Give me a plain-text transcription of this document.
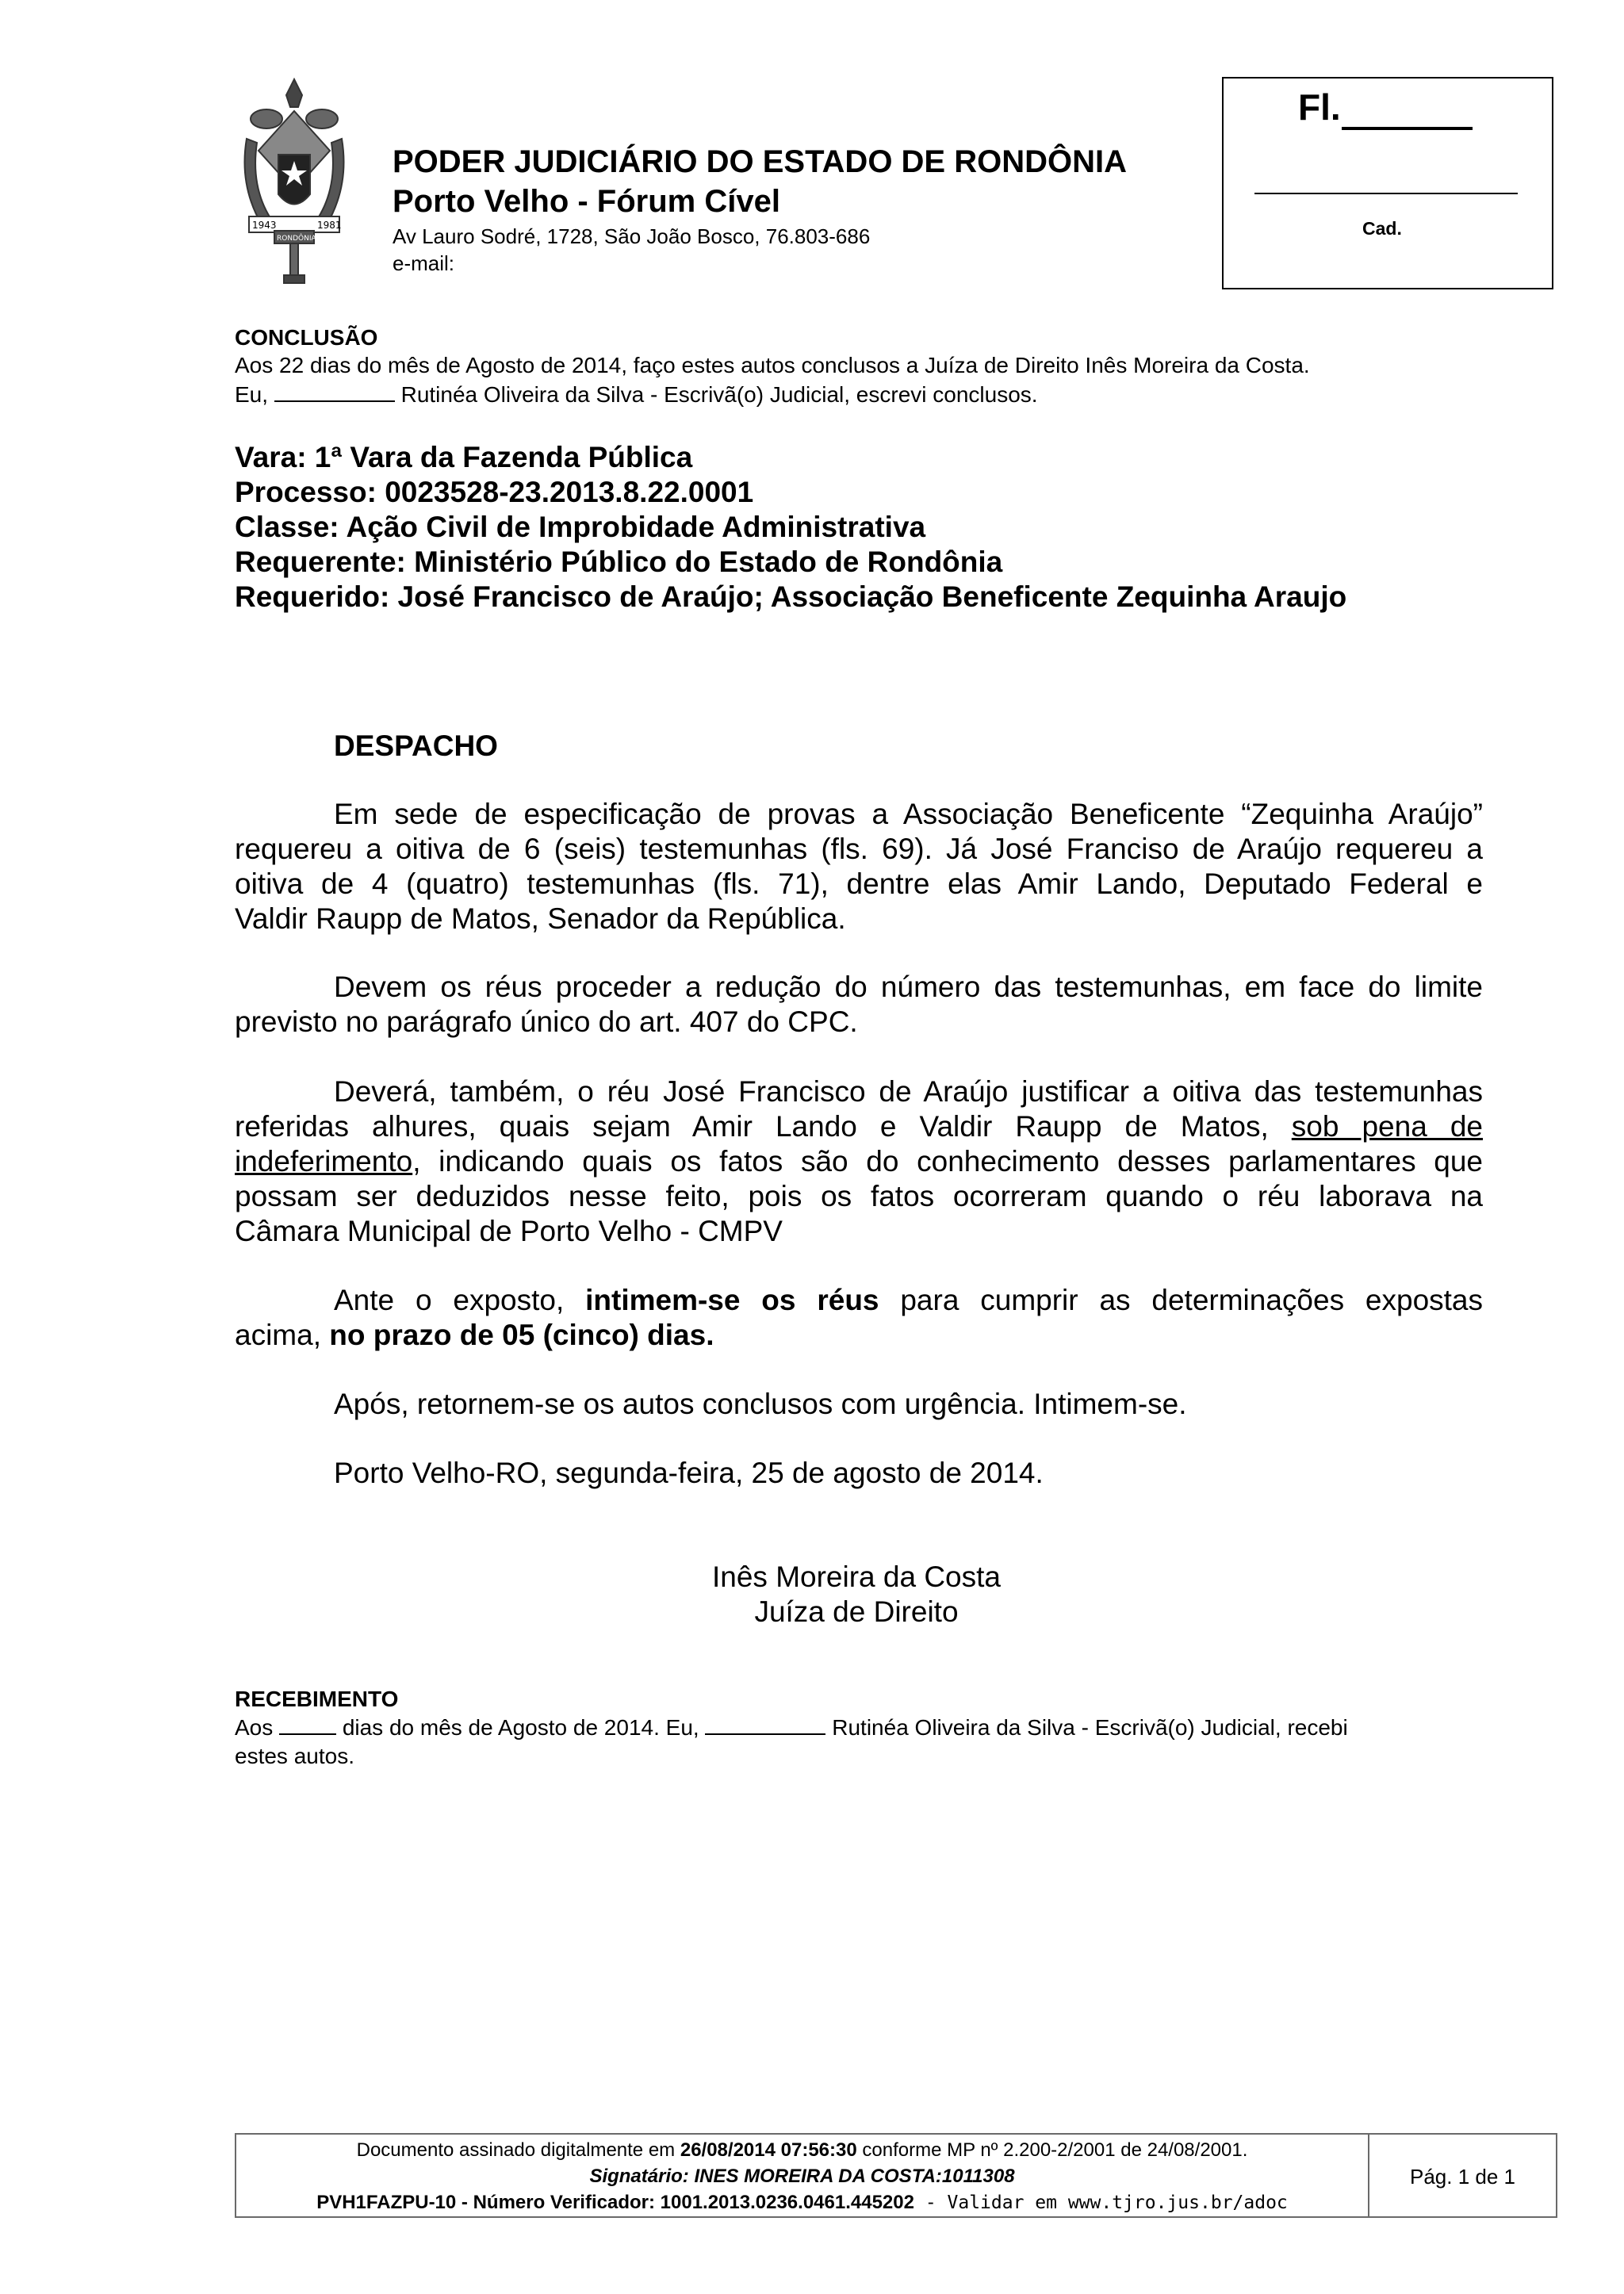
1943	1981
RONDÔNIA
PODER JUDICIÁRIO DO ESTADO DE RONDÔNIA
Porto Velho - Fórum Cível
Av Lauro Sodré, 1728, São João Bosco, 76.803-686
e-mail:
Fl.
Cad.
CONCLUSÃO
Aos 22 dias do mês de Agosto de 2014, faço estes autos conclusos a Juíza de Direito Inês Moreira da Costa.
Eu,	Rutinéa Oliveira da Silva - Escrivã(o) Judicial, escrevi conclusos.
Vara: 1ª Vara da Fazenda Pública
Processo: 0023528-23.2013.8.22.0001
Classe: Ação Civil de Improbidade Administrativa
Requerente: Ministério Público do Estado de Rondônia
Requerido: José Francisco de Araújo; Associação Beneficente Zequinha Araujo
DESPACHO
Em sede de especificação de provas a Associação Beneficente “Zequinha Araújo”
requereu a oitiva de 6 (seis) testemunhas (fls. 69). Já José Franciso de Araújo requereu a
oitiva de 4 (quatro) testemunhas (fls. 71), dentre elas Amir Lando, Deputado Federal e
Valdir Raupp de Matos, Senador da República.
Devem os réus proceder a redução do número das testemunhas, em face do limite
previsto no parágrafo único do art. 407 do CPC.
Deverá, também, o réu José Francisco de Araújo justificar a oitiva das testemunhas
referidas alhures, quais sejam Amir Lando e Valdir Raupp de Matos, sob pena de
indeferimento, indicando quais os fatos são do conhecimento desses parlamentares que
possam ser deduzidos nesse feito, pois os fatos ocorreram quando o réu laborava na
Câmara Municipal de Porto Velho - CMPV
Ante o exposto, intimem-se os réus para cumprir as determinações expostas
acima, no prazo de 05 (cinco) dias.
Após, retornem-se os autos conclusos com urgência. Intimem-se.
Porto Velho-RO, segunda-feira, 25 de agosto de 2014.
Inês Moreira da Costa
Juíza de Direito
RECEBIMENTO
Aos	dias do mês de Agosto de 2014. Eu,	Rutinéa Oliveira da Silva - Escrivã(o) Judicial, recebi
estes autos.
Documento assinado digitalmente em 26/08/2014 07:56:30 conforme MP nº 2.200-2/2001 de 24/08/2001.
Signatário: INES MOREIRA DA COSTA:1011308
PVH1FAZPU-10 - Número Verificador: 1001.2013.0236.0461.445202 - Validar em www.tjro.jus.br/adoc
Pág. 1 de 1
